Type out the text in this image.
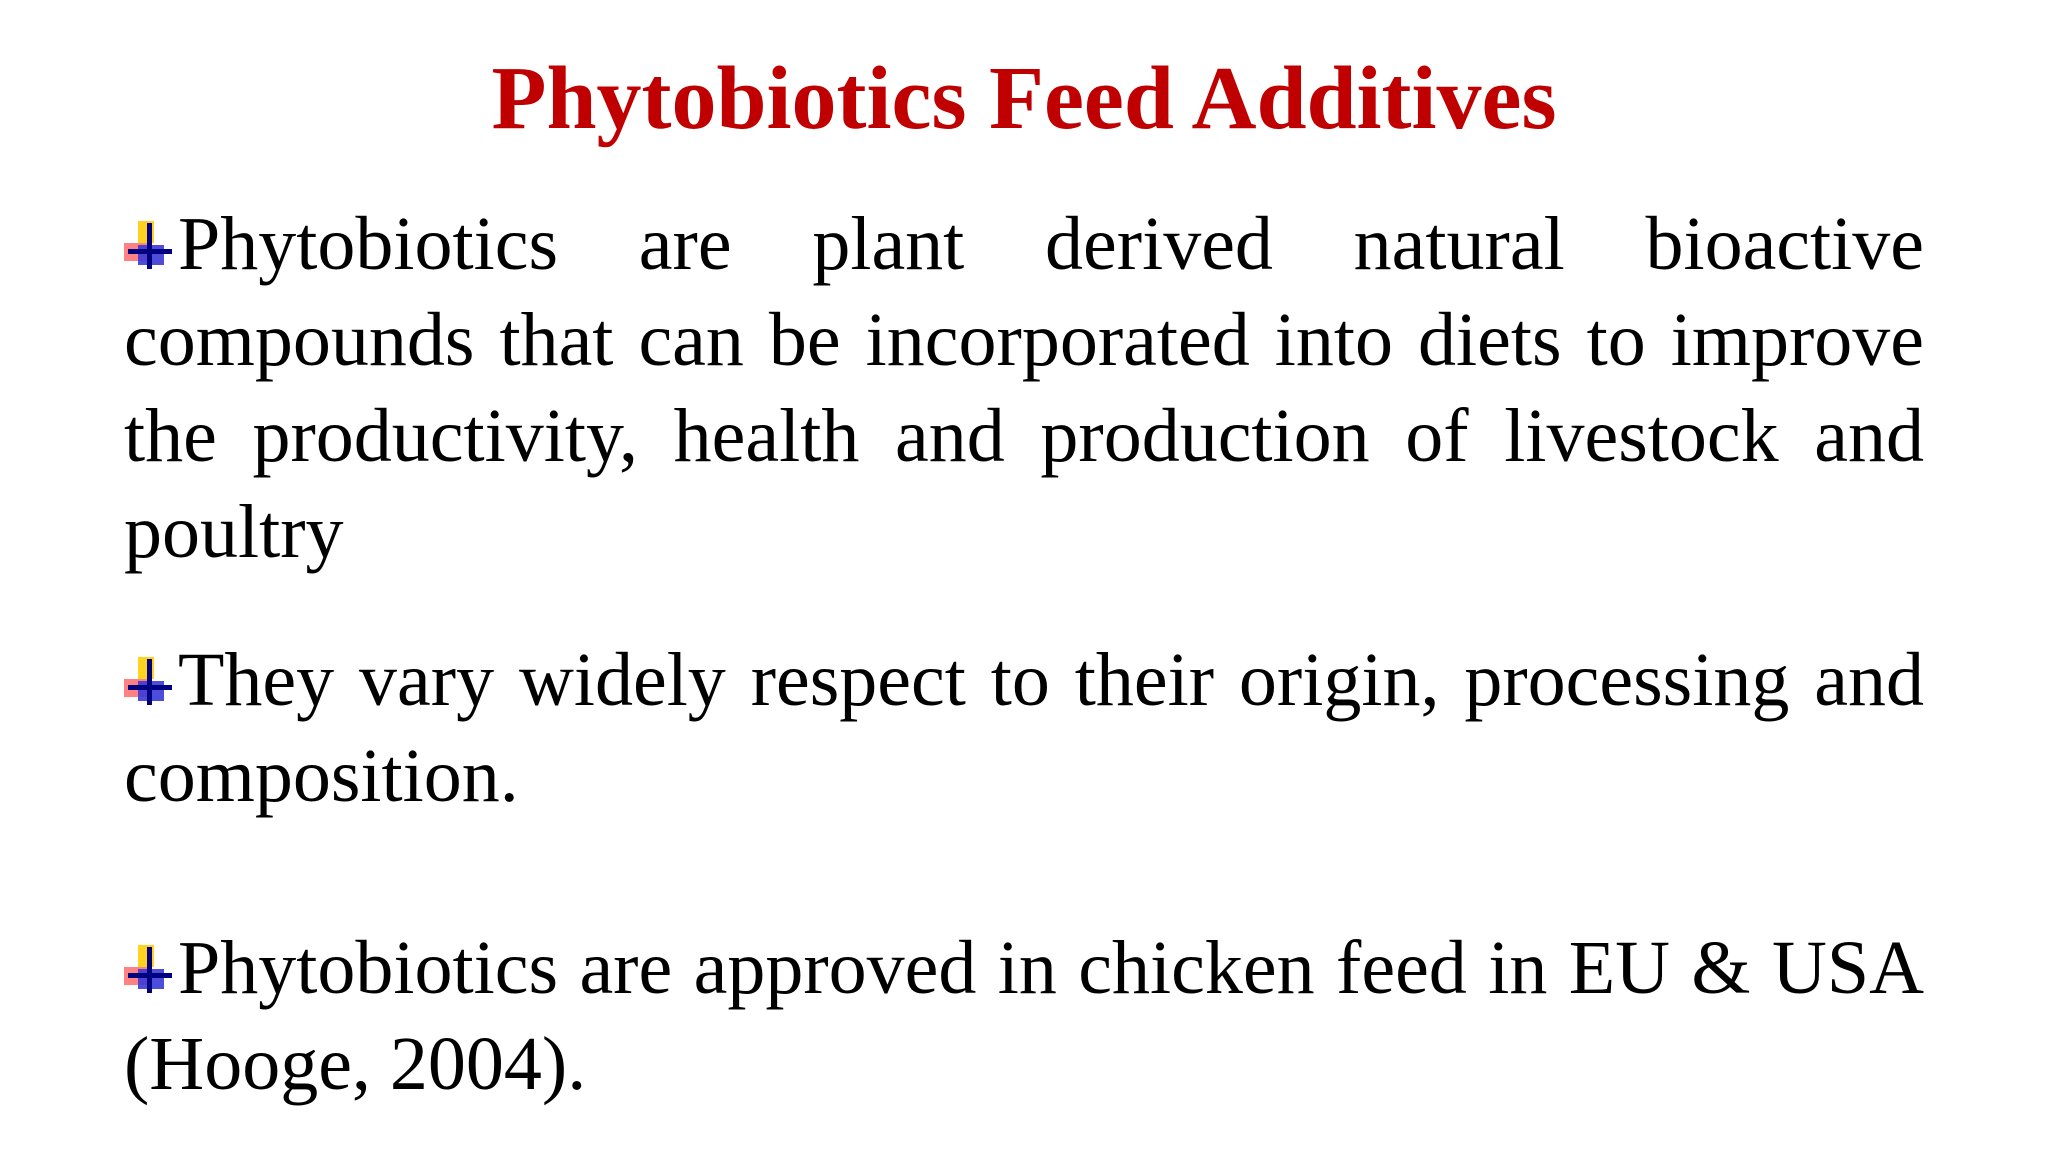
Phytobiotics Feed Additives

Phytobiotics are plant derived natural bioactive compounds that can be incorporated into diets to improve the productivity, health and production of livestock and poultry

They vary widely respect to their origin, processing and composition.

Phytobiotics are approved in chicken feed in EU & USA (Hooge, 2004).
